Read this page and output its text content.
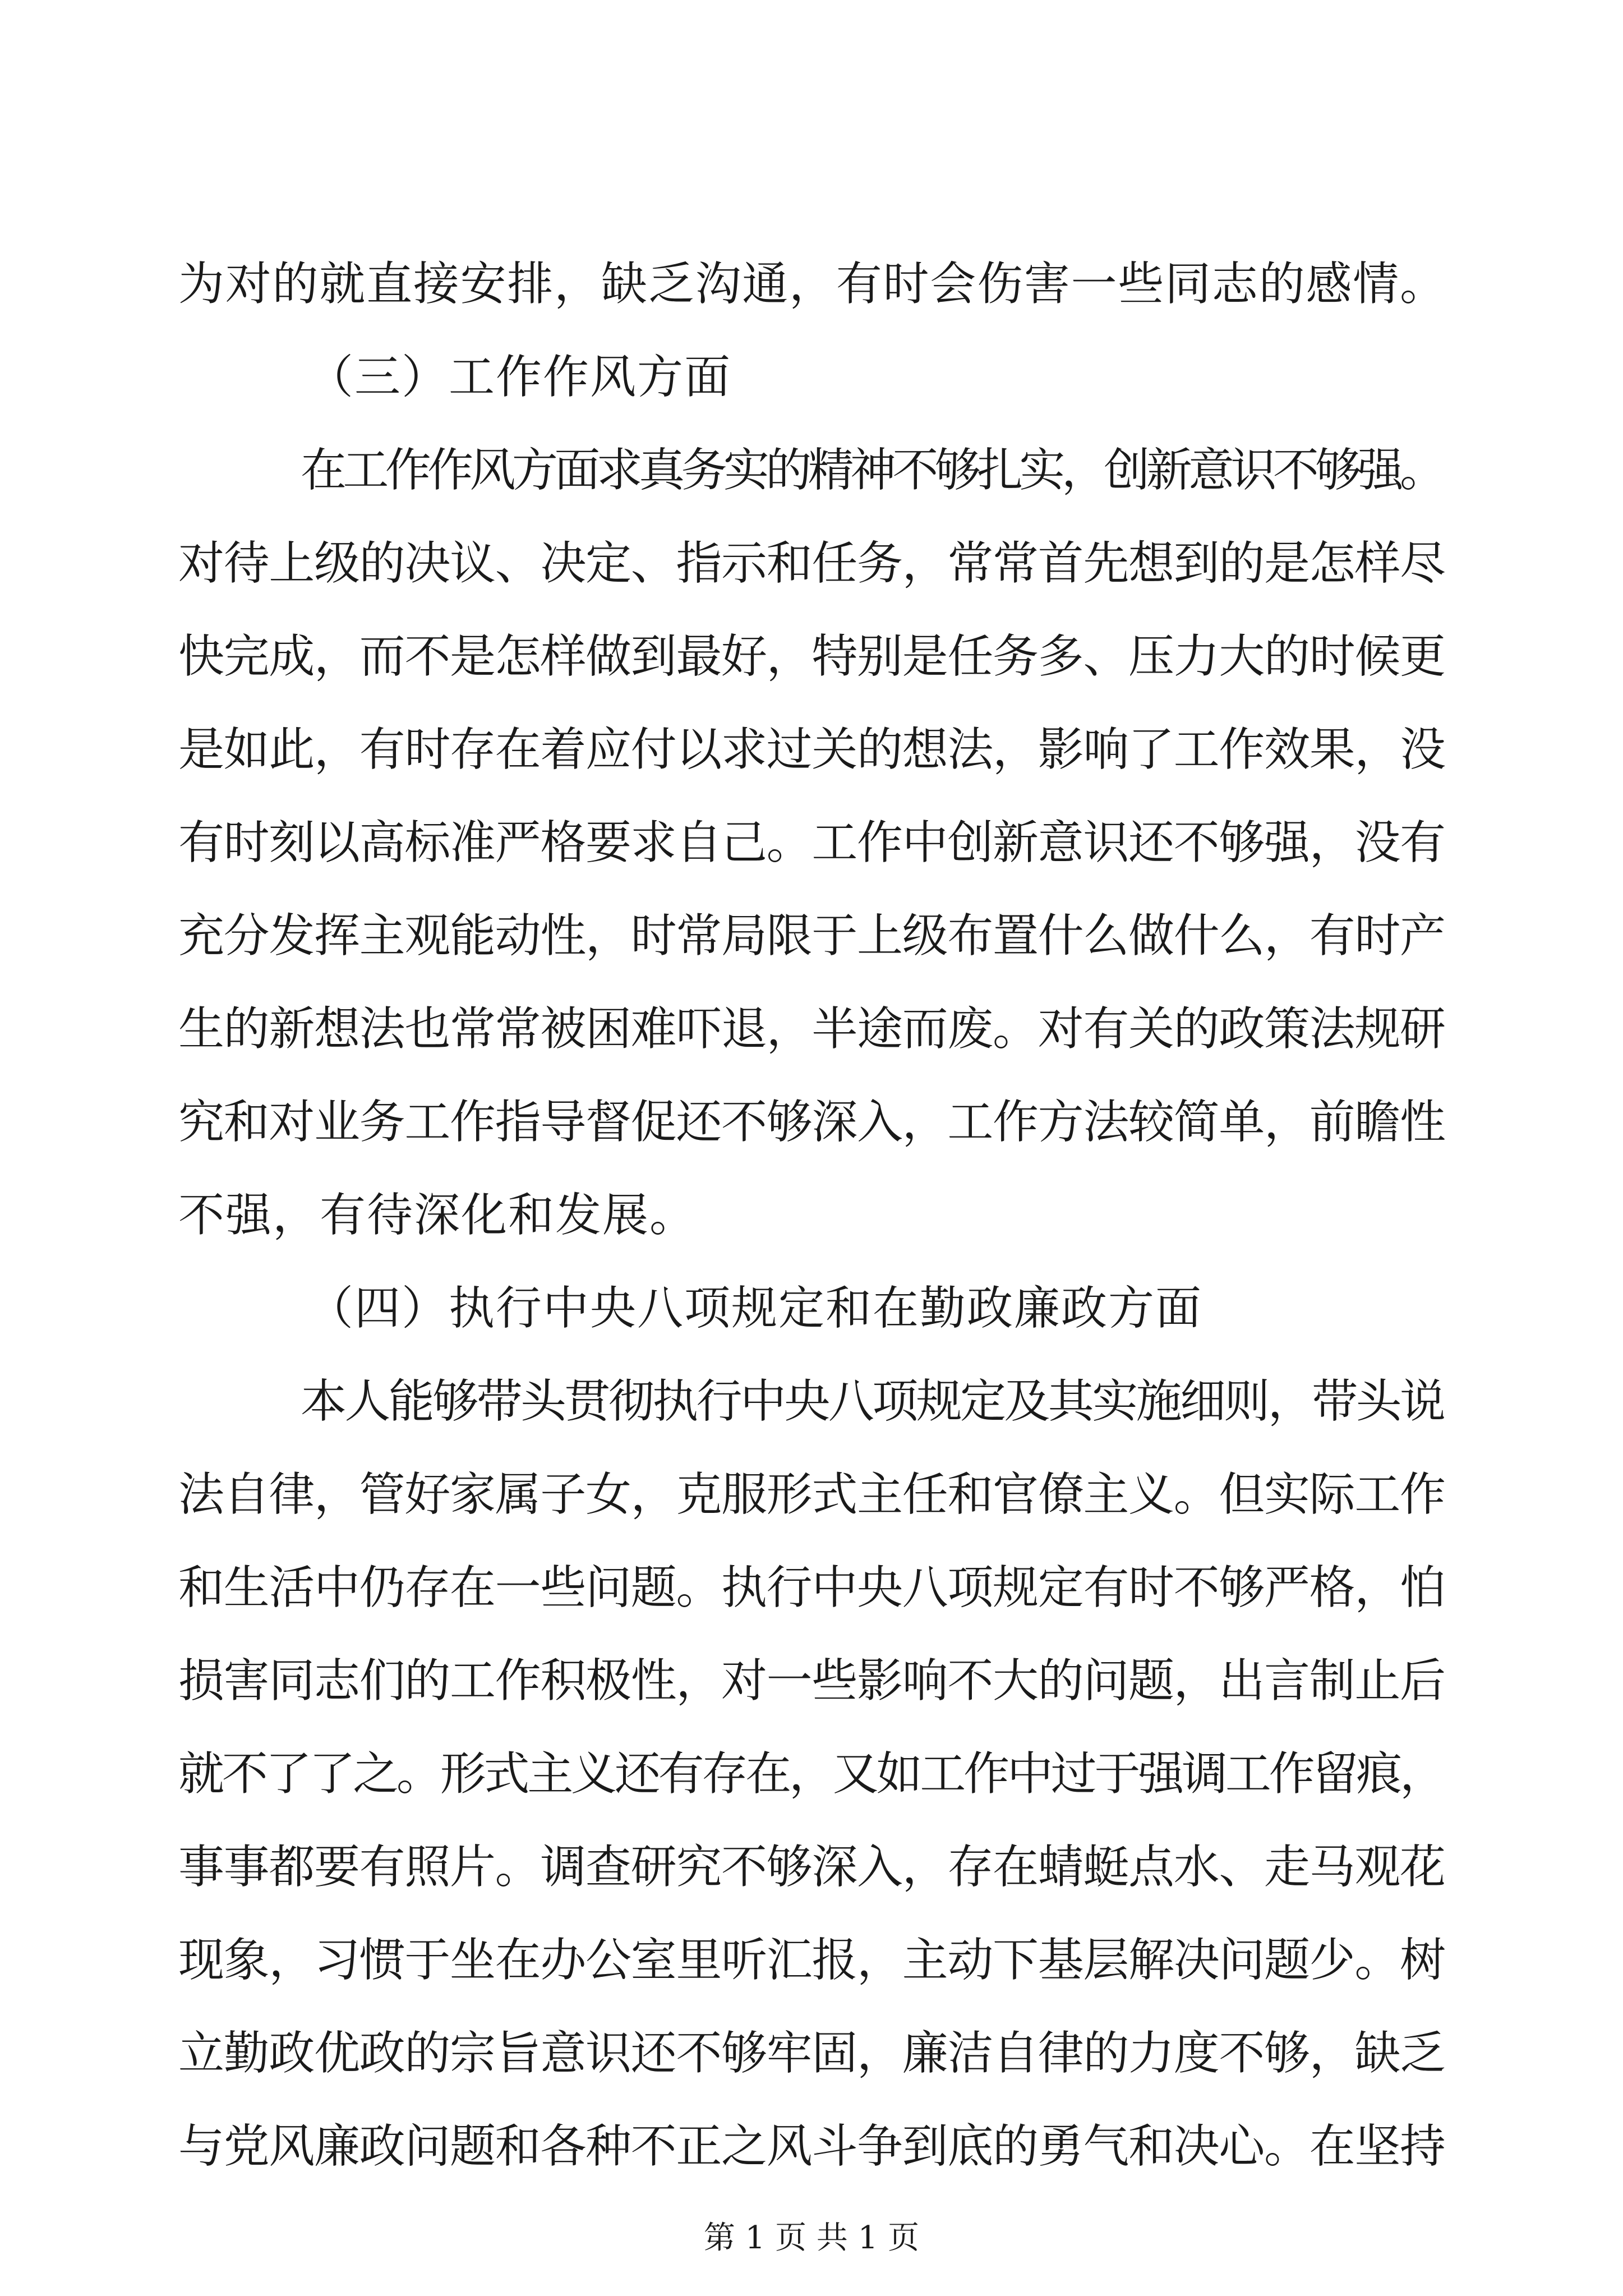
为对的就直接安排，缺乏沟通，有时会伤害一些同志的感情。

（三）工作作风方面

在工作作风方面求真务实的精神不够扎实，创新意识不够强。

对待上级的决议、决定、指示和任务，常常首先想到的是怎样尽

快完成，而不是怎样做到最好，特别是任务多、压力大的时候更

是如此，有时存在着应付以求过关的想法，影响了工作效果，没

有时刻以高标准严格要求自己。工作中创新意识还不够强，没有

充分发挥主观能动性，时常局限于上级布置什么做什么，有时产

生的新想法也常常被困难吓退，半途而废。对有关的政策法规研

究和对业务工作指导督促还不够深入，工作方法较简单，前瞻性

不强，有待深化和发展。

（四）执行中央八项规定和在勤政廉政方面

本人能够带头贯彻执行中央八项规定及其实施细则，带头说

法自律，管好家属子女，克服形式主任和官僚主义。但实际工作

和生活中仍存在一些问题。执行中央八项规定有时不够严格，怕

损害同志们的工作积极性，对一些影响不大的问题，出言制止后

就不了了之。形式主义还有存在，又如工作中过于强调工作留痕，

事事都要有照片。调查研究不够深入，存在蜻蜓点水、走马观花

现象，习惯于坐在办公室里听汇报，主动下基层解决问题少。树

立勤政优政的宗旨意识还不够牢固，廉洁自律的力度不够，缺乏

与党风廉政问题和各种不正之风斗争到底的勇气和决心。在坚持

第 1 页 共 1 页
